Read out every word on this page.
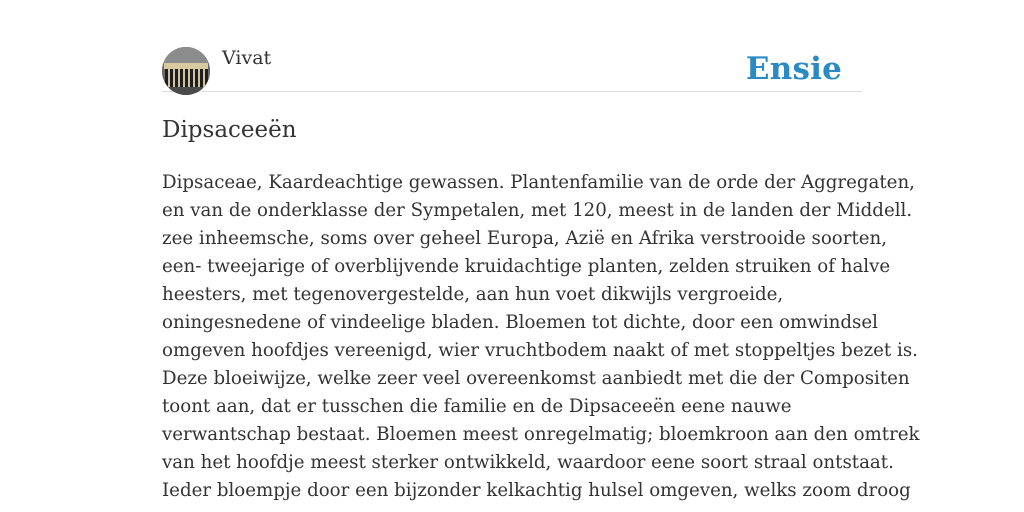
Vivat	Ensie
Dipsaceeën
Dipsaceae, Kaardeachtige gewassen. Plantenfamilie van de orde der Aggregaten,
en van de onderklasse der Sympetalen, met 120, meest in de landen der Middell.
zee inheemsche, soms over geheel Europa, Azië en Afrika verstrooide soorten,
een- tweejarige of overblijvende kruidachtige planten, zelden struiken of halve
heesters, met tegenovergestelde, aan hun voet dikwijls vergroeide,
oningesnedene of vindeelige bladen. Bloemen tot dichte, door een omwindsel
omgeven hoofdjes vereenigd, wier vruchtbodem naakt of met stoppeltjes bezet is.
Deze bloeiwijze, welke zeer veel overeenkomst aanbiedt met die der Compositen
toont aan, dat er tusschen die familie en de Dipsaceeën eene nauwe
verwantschap bestaat. Bloemen meest onregelmatig; bloemkroon aan den omtrek
van het hoofdje meest sterker ontwikkeld, waardoor eene soort straal ontstaat.
Ieder bloempje door een bijzonder kelkachtig hulsel omgeven, welks zoom droog
